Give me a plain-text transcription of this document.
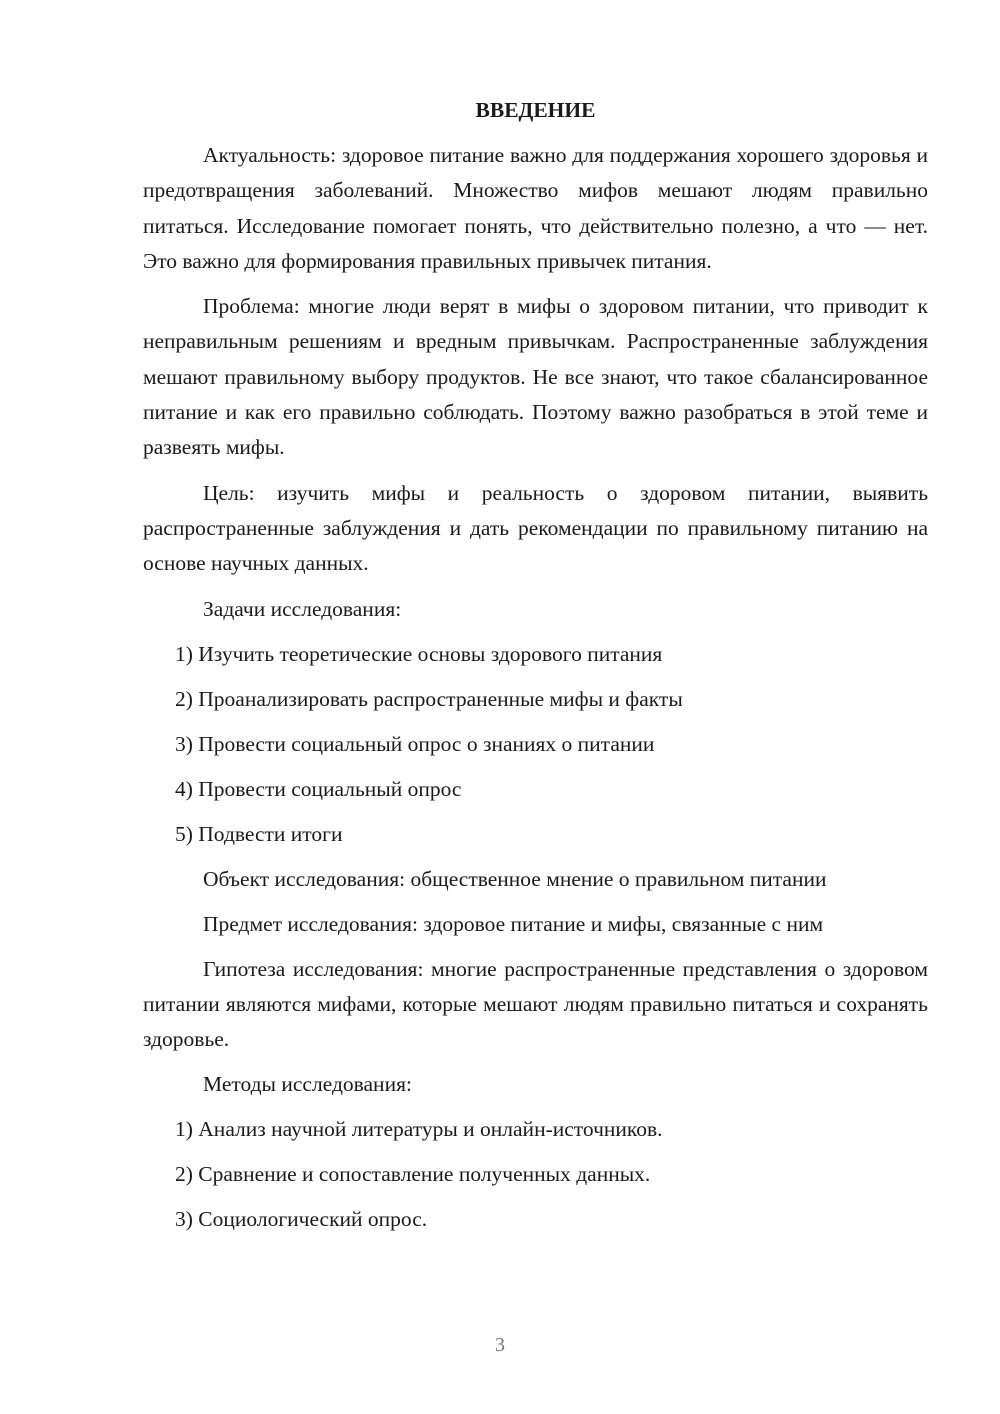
ВВЕДЕНИЕ

Актуальность: здоровое питание важно для поддержания хорошего здоровья и предотвращения заболеваний. Множество мифов мешают людям правильно питаться. Исследование помогает понять, что действительно полезно, а что — нет. Это важно для формирования правильных привычек питания.

Проблема: многие люди верят в мифы о здоровом питании, что приводит к неправильным решениям и вредным привычкам. Распространенные заблуждения мешают правильному выбору продуктов. Не все знают, что такое сбалансированное питание и как его правильно соблюдать. Поэтому важно разобраться в этой теме и развеять мифы.

Цель: изучить мифы и реальность о здоровом питании, выявить распространенные заблуждения и дать рекомендации по правильному питанию на основе научных данных.

Задачи исследования:
1) Изучить теоретические основы здорового питания
2) Проанализировать распространенные мифы и факты
3) Провести социальный опрос о знаниях о питании
4) Провести социальный опрос
5) Подвести итоги
Объект исследования: общественное мнение о правильном питании
Предмет исследования: здоровое питание и мифы, связанные с ним

Гипотеза исследования: многие распространенные представления о здоровом питании являются мифами, которые мешают людям правильно питаться и сохранять здоровье.

Методы исследования:
1) Анализ научной литературы и онлайн-источников.
2) Сравнение и сопоставление полученных данных.
3) Социологический опрос.
3
